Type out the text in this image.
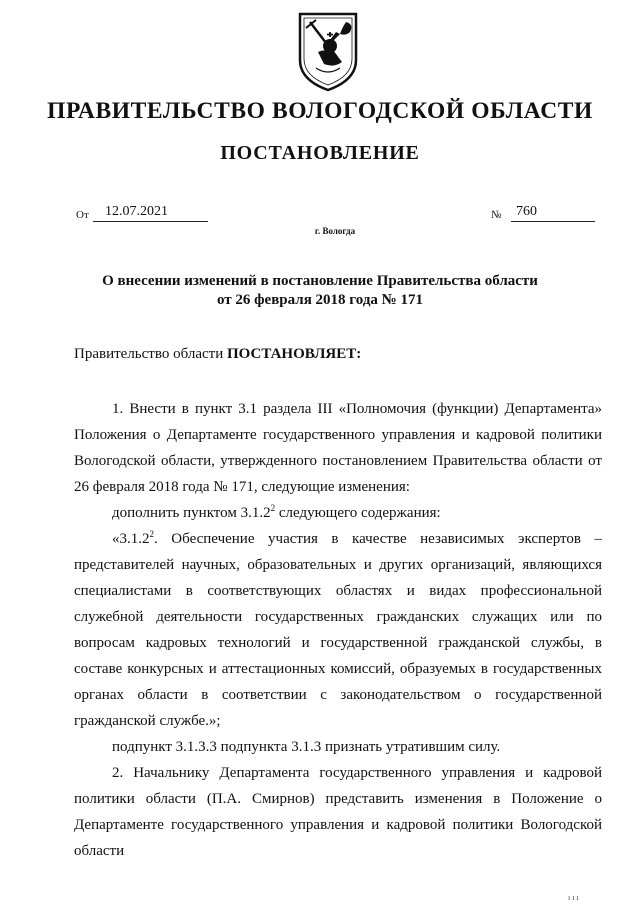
ПРАВИТЕЛЬСТВО ВОЛОГОДСКОЙ ОБЛАСТИ
ПОСТАНОВЛЕНИЕ
От 12.07.2021	№ 760
г. Вологда
О внесении изменений в постановление Правительства области
от 26 февраля 2018 года № 171
Правительство области ПОСТАНОВЛЯЕТ:

1. Внести в пункт 3.1 раздела III «Полномочия (функции) Департамента» Положения о Департаменте государственного управления и кадровой политики Вологодской области, утвержденного постановлением Правительства области от 26 февраля 2018 года № 171, следующие изменения:

дополнить пунктом 3.1.2$^2$ следующего содержания:

«3.1.2$^2$. Обеспечение участия в качестве независимых экспертов – представителей научных, образовательных и других организаций, являющихся специалистами в соответствующих областях и видах профессиональной служебной деятельности государственных гражданских служащих или по вопросам кадровых технологий и государственной гражданской службы, в составе конкурсных и аттестационных комиссий, образуемых в государственных органах области в соответствии с законодательством о государственной гражданской службе.»;

подпункт 3.1.3.3 подпункта 3.1.3 признать утратившим силу.

2. Начальнику Департамента государственного управления и кадровой политики области (П.А. Смирнов) представить изменения в Положение о Департаменте государственного управления и кадровой политики Вологодской области

ı ı ı
